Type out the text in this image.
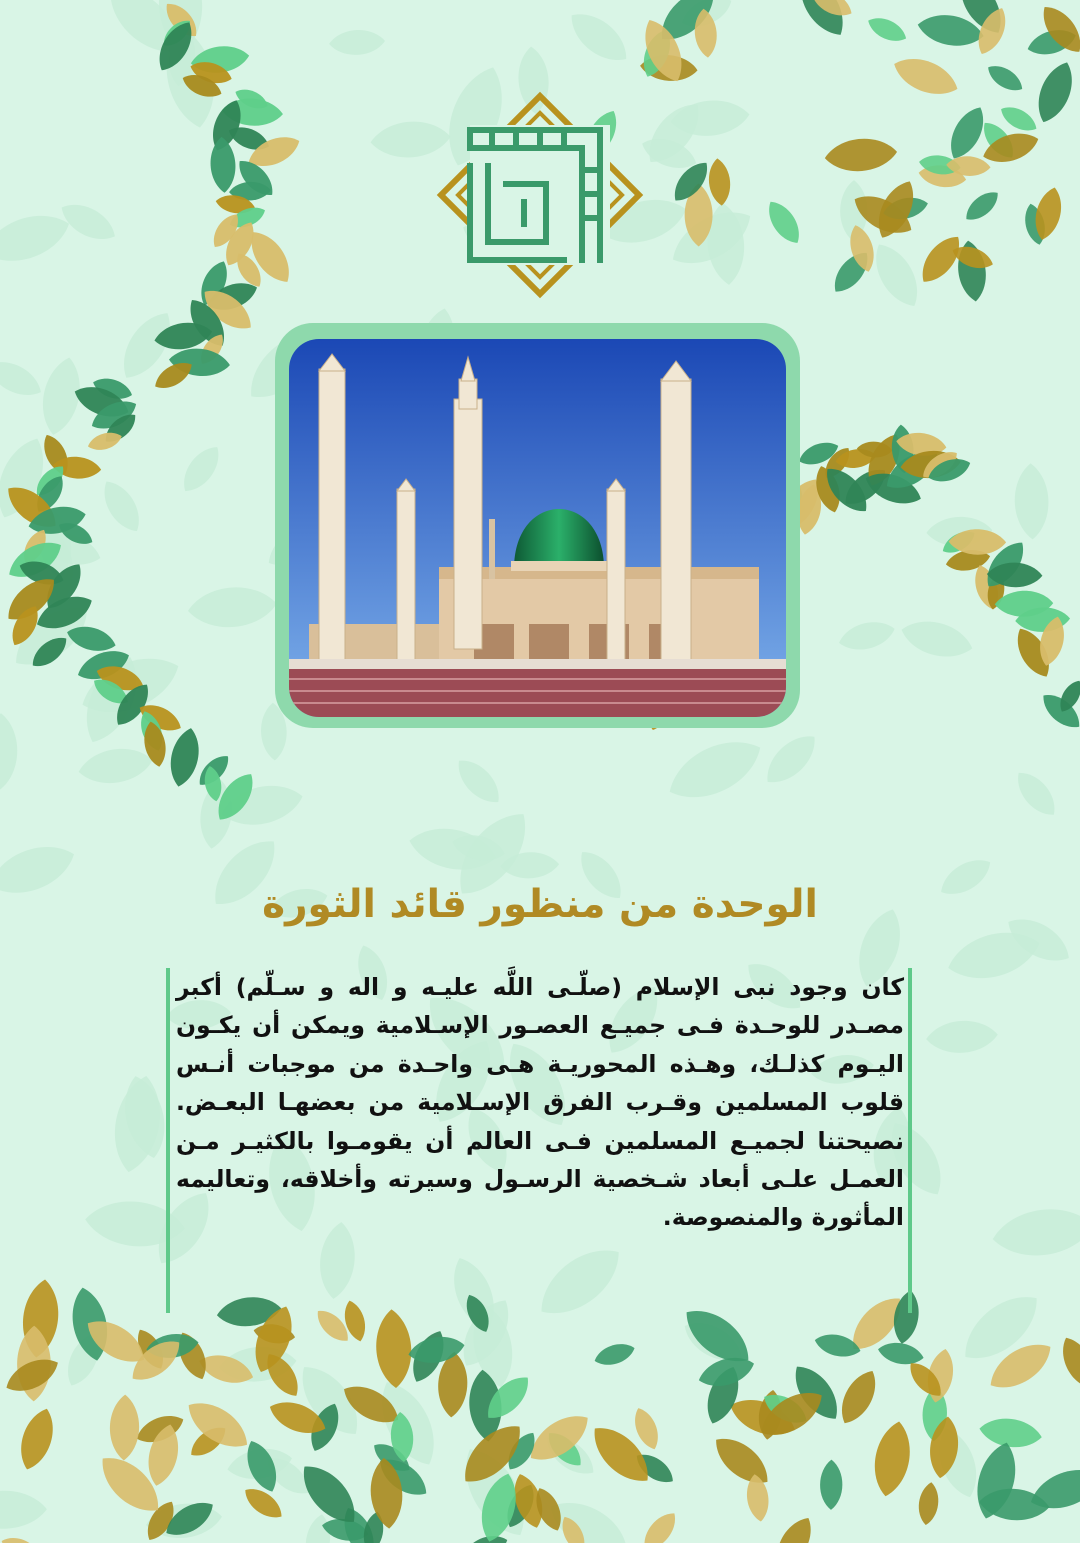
الوحدة من منظور قائد الثورة

كان وجود نبی الإسلام (صلّـی اللَّه علیـه و اله و سـلّم) أكبر مصـدر للوحـدة فـی جمیـع العصـور الإسـلامیة ویمكن أن یكـون الیـوم كذلـك، وهـذه المحوریـة هـی واحـدة من موجبات أنـس قلوب المسلمین وقـرب الفرق الإسـلامیة من بعضهـا البعـض. نصیحتنا لجمیـع المسلمین فـی العالم أن یقومـوا بالكثیـر مـن العمـل علـی أبعاد شـخصیة الرسـول وسیرته وأخلاقه، وتعالیمه المأثورة والمنصوصة.
